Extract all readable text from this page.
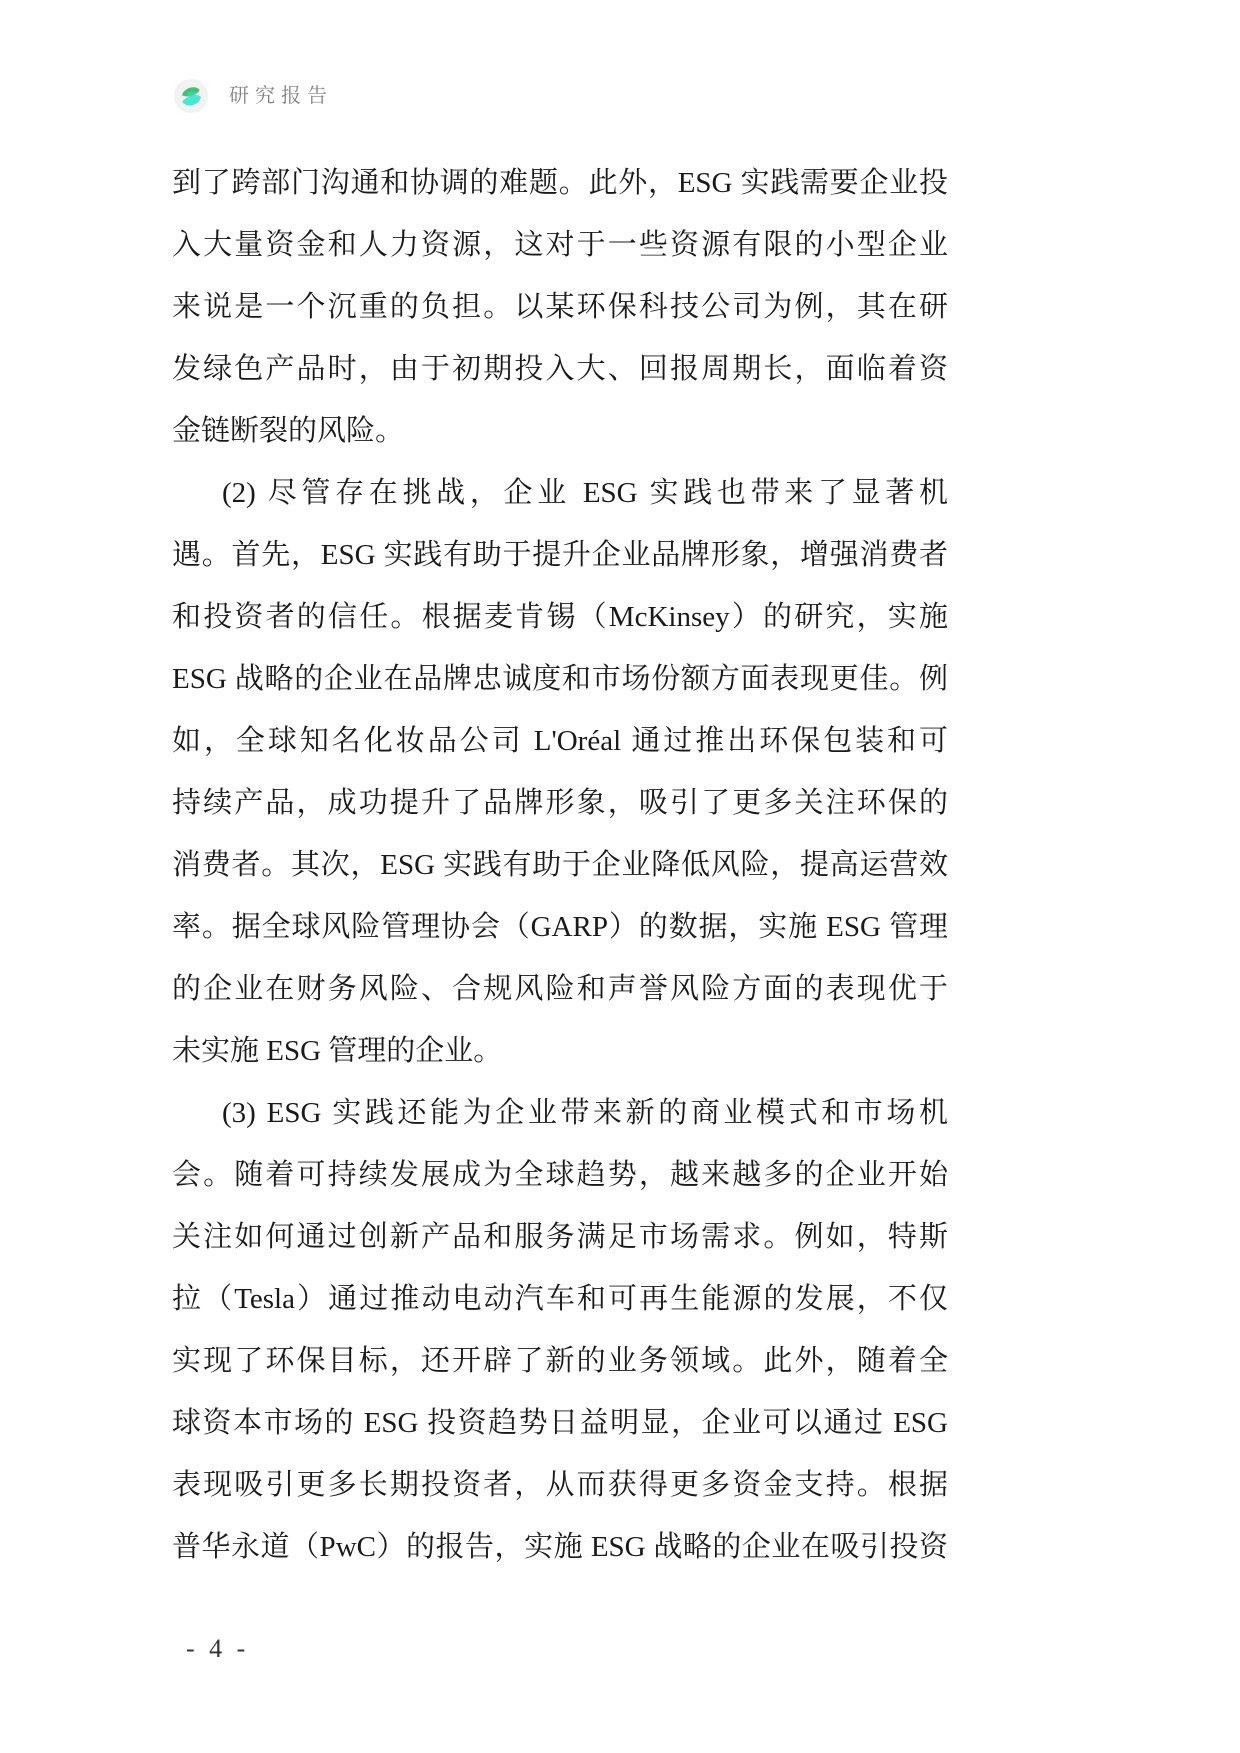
研究报告
到了跨部门沟通和协调的难题。此外，ESG 实践需要企业投
入大量资金和人力资源，这对于一些资源有限的小型企业
来说是一个沉重的负担。以某环保科技公司为例，其在研
发绿色产品时，由于初期投入大、回报周期长，面临着资
金链断裂的风险。
(2) 尽管存在挑战，企业 ESG 实践也带来了显著机
遇。首先，ESG 实践有助于提升企业品牌形象，增强消费者
和投资者的信任。根据麦肯锡（McKinsey）的研究，实施
ESG 战略的企业在品牌忠诚度和市场份额方面表现更佳。例
如，全球知名化妆品公司 L'Oréal 通过推出环保包装和可
持续产品，成功提升了品牌形象，吸引了更多关注环保的
消费者。其次，ESG 实践有助于企业降低风险，提高运营效
率。据全球风险管理协会（GARP）的数据，实施 ESG 管理
的企业在财务风险、合规风险和声誉风险方面的表现优于
未实施 ESG 管理的企业。
(3) ESG 实践还能为企业带来新的商业模式和市场机
会。随着可持续发展成为全球趋势，越来越多的企业开始
关注如何通过创新产品和服务满足市场需求。例如，特斯
拉（Tesla）通过推动电动汽车和可再生能源的发展，不仅
实现了环保目标，还开辟了新的业务领域。此外，随着全
球资本市场的 ESG 投资趋势日益明显，企业可以通过 ESG
表现吸引更多长期投资者，从而获得更多资金支持。根据
普华永道（PwC）的报告，实施 ESG 战略的企业在吸引投资
- 4 -
